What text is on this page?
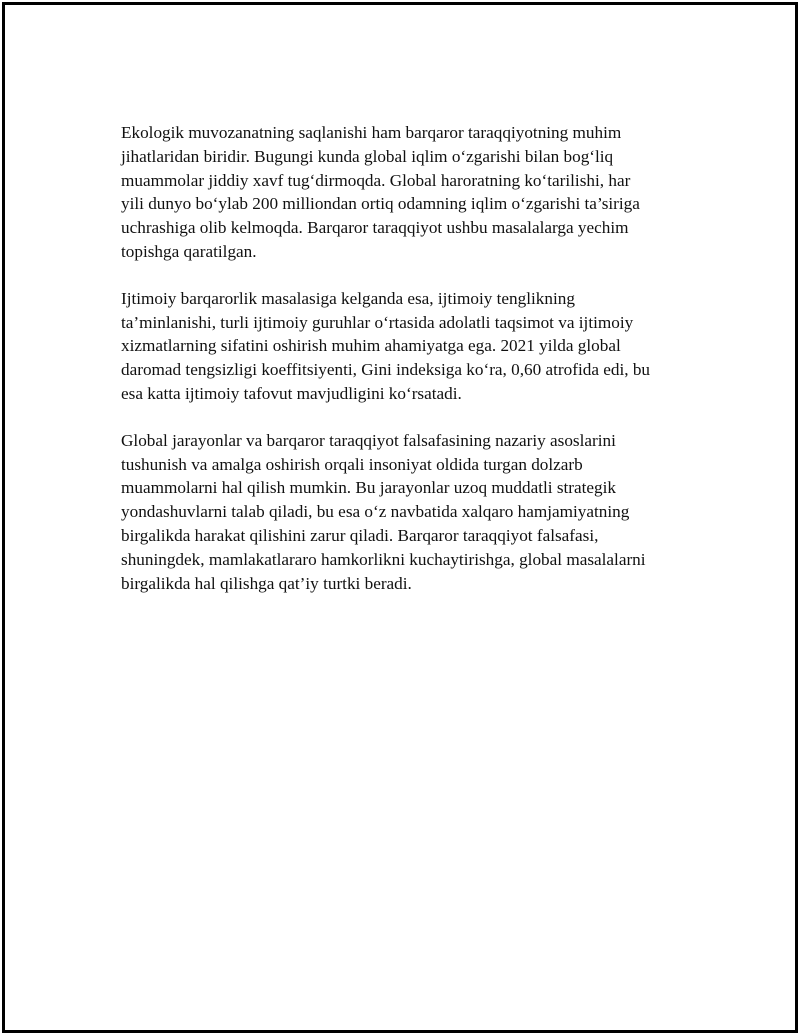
Ekologik muvozanatning saqlanishi ham barqaror taraqqiyotning muhim
jihatlaridan biridir. Bugungi kunda global iqlim o‘zgarishi bilan bog‘liq
muammolar jiddiy xavf tug‘dirmoqda. Global haroratning ko‘tarilishi, har
yili dunyo bo‘ylab 200 milliondan ortiq odamning iqlim o‘zgarishi ta’siriga
uchrashiga olib kelmoqda. Barqaror taraqqiyot ushbu masalalarga yechim
topishga qaratilgan.

Ijtimoiy barqarorlik masalasiga kelganda esa, ijtimoiy tenglikning
ta’minlanishi, turli ijtimoiy guruhlar o‘rtasida adolatli taqsimot va ijtimoiy
xizmatlarning sifatini oshirish muhim ahamiyatga ega. 2021 yilda global
daromad tengsizligi koeffitsiyenti, Gini indeksiga ko‘ra, 0,60 atrofida edi, bu
esa katta ijtimoiy tafovut mavjudligini ko‘rsatadi.

Global jarayonlar va barqaror taraqqiyot falsafasining nazariy asoslarini
tushunish va amalga oshirish orqali insoniyat oldida turgan dolzarb
muammolarni hal qilish mumkin. Bu jarayonlar uzoq muddatli strategik
yondashuvlarni talab qiladi, bu esa o‘z navbatida xalqaro hamjamiyatning
birgalikda harakat qilishini zarur qiladi. Barqaror taraqqiyot falsafasi,
shuningdek, mamlakatlararo hamkorlikni kuchaytirishga, global masalalarni
birgalikda hal qilishga qat’iy turtki beradi.
